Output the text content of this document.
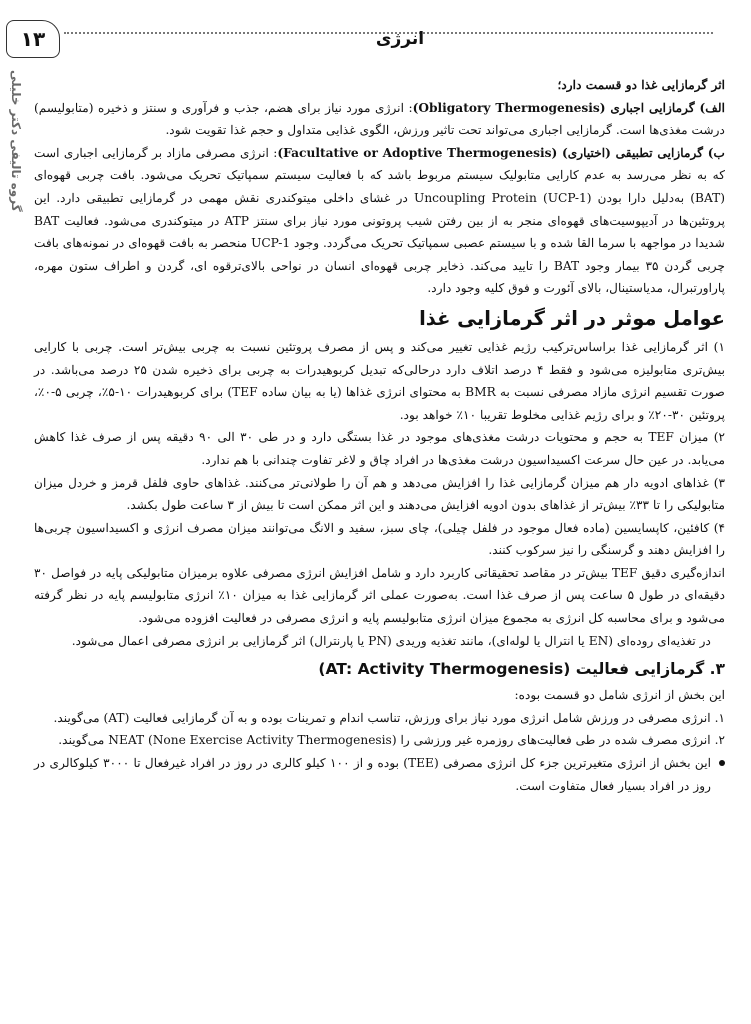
١٣	انرژی
گروه تالیفی دکتر خلیلی	اثر گرمازایی غذا دو قسمت دارد؛

الف) گرمازایی اجباری (Obligatory Thermogenesis): انرژی مورد نیاز برای هضم، جذب و فرآوری و سنتز و ذخیره (متابولیسم) درشت مغذی‌ها است. گرمازایی اجباری می‌تواند تحت تاثیر ورزش، الگوی غذایی متداول و حجم غذا تقویت شود.

ب) گرمازایی تطبیقی (اختیاری) (Facultative or Adoptive Thermogenesis): انرژی مصرفی مازاد بر گرمازایی اجباری است که به نظر می‌رسد به عدم کارایی متابولیک سیستم مربوط باشد که با فعالیت سیستم سمپاتیک تحریک می‌شود. بافت چربی قهوه‌ای (BAT) به‌دلیل دارا بودن Uncoupling Protein (UCP-1) در غشای داخلی میتوکندری نقش مهمی در گرمازایی تطبیقی دارد. این پروتئین‌ها در آدیپوسیت‌های قهوه‌ای منجر به از بین رفتن شیب پروتونی مورد نیاز برای سنتز ATP در میتوکندری می‌شود. فعالیت BAT شدیدا در مواجهه با سرما القا شده و با سیستم عصبی سمپاتیک تحریک می‌گردد. وجود UCP-1 منحصر به بافت قهوه‌ای در نمونه‌های بافت چربی گردن ۳۵ بیمار وجود BAT را تایید می‌کند. ذخایر چربی قهوه‌ای انسان در نواحی بالای‌ترقوه ای، گردن و اطراف ستون مهره، پاراورتبرال، مدیاستینال، بالای آئورت و فوق کلیه وجود دارد.

عوامل موثر در اثر گرمازایی غذا

۱) اثر گرمازایی غذا براساس‌ترکیب رژیم غذایی تغییر می‌کند و پس از مصرف پروتئین نسبت به چربی بیش‌تر است. چربی با کارایی بیش‌تری متابولیزه می‌شود و فقط ۴ درصد اتلاف دارد درحالی‌که تبدیل کربوهیدرات به چربی برای ذخیره شدن ۲۵ درصد می‌باشد. در صورت تقسیم انرژی مازاد مصرفی نسبت به BMR به محتوای انرژی غذاها (یا به بیان ساده TEF) برای کربوهیدرات ۱۰-۵٪، چربی ۵-۰٪، پروتئین ۳۰-۲۰٪ و برای رژیم غذایی مخلوط تقریبا ۱۰٪ خواهد بود.

۲) میزان TEF به حجم و محتویات درشت مغذی‌های موجود در غذا بستگی دارد و در طی ۳۰ الی ۹۰ دقیقه پس از صرف غذا کاهش می‌یابد. در عین حال سرعت اکسیداسیون درشت مغذی‌ها در افراد چاق و لاغر تفاوت چندانی با هم ندارد.

۳) غذاهای ادویه دار هم میزان گرمازایی غذا را افزایش می‌دهد و هم آن را طولانی‌تر می‌کنند. غذاهای حاوی فلفل قرمز و خردل میزان متابولیکی را تا ۳۳٪ بیش‌تر از غذاهای بدون ادویه افزایش می‌دهند و این اثر ممکن است تا بیش از ۳ ساعت طول بکشد.

۴) کافئین، کاپسایسین (ماده فعال موجود در فلفل چیلی)، چای سبز، سفید و الانگ می‌توانند میزان مصرف انرژی و اکسیداسیون چربی‌ها را افزایش دهند و گرسنگی را نیز سرکوب کنند.

اندازه‌گیری دقیق TEF بیش‌تر در مقاصد تحقیقاتی کاربرد دارد و شامل افزایش انرژی مصرفی علاوه برمیزان متابولیکی پایه در فواصل ۳۰ دقیقه‌ای در طول ۵ ساعت پس از صرف غذا است. به‌صورت عملی اثر گرمازایی غذا به میزان ۱۰٪ انرژی متابولیسم پایه در نظر گرفته می‌شود و برای محاسبه کل انرژی به مجموع میزان انرژی متابولیسم پایه و انرژی مصرفی در فعالیت افزوده می‌شود.

در تغذیه‌ای روده‌ای (EN یا انترال یا لوله‌ای)، مانند تغذیه وریدی (PN یا پارنترال) اثر گرمازایی بر انرژی مصرفی اعمال می‌شود.

۳. گرمازایی فعالیت (AT: Activity Thermogenesis)

این بخش از انرژی شامل دو قسمت بوده:

۱. انرژی مصرفی در ورزش شامل انرژی مورد نیاز برای ورزش، تناسب اندام و تمرینات بوده و به آن گرمازایی فعالیت (AT) می‌گویند.

۲. انرژی مصرف شده در طی فعالیت‌های روزمره غیر ورزشی را NEAT (None Exercise Activity Thermogenesis) می‌گویند.

این بخش از انرژی متغیرترین جزء کل انرژی مصرفی (TEE) بوده و از ۱۰۰ کیلو کالری در روز در افراد غیرفعال تا ۳۰۰۰ کیلوکالری در روز در افراد بسیار فعال متفاوت است.
